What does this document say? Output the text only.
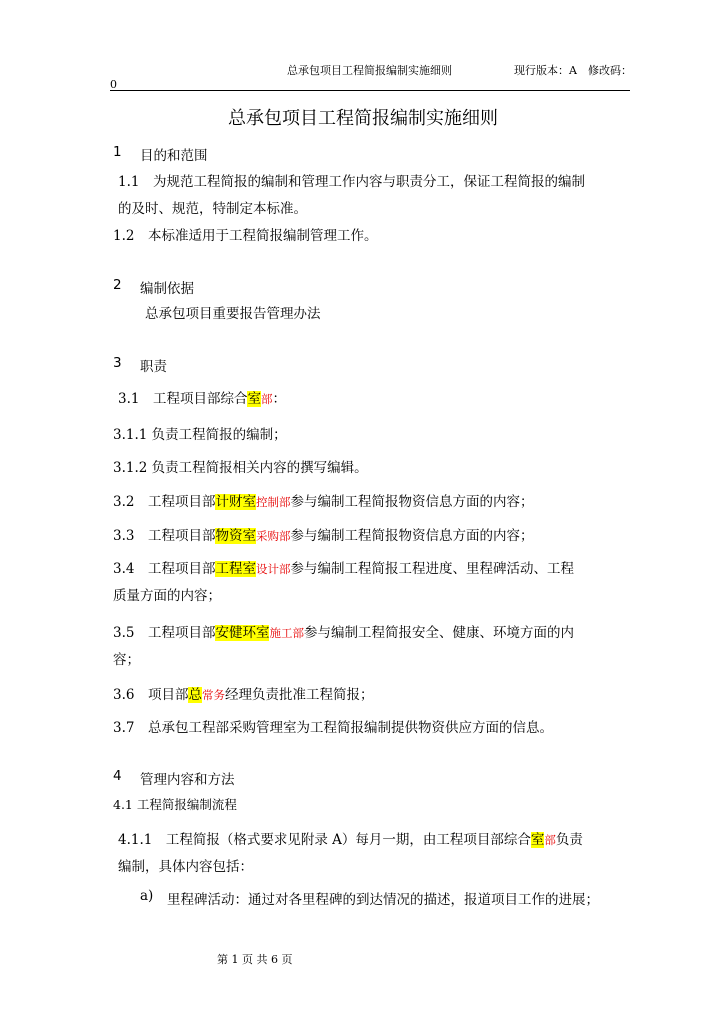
总承包项目工程简报编制实施细则	现行版本：A　修改码：
0
总承包项目工程简报编制实施细则
1 目的和范围
1.1　为规范工程简报的编制和管理工作内容与职责分工，保证工程简报的编制
的及时、规范，特制定本标准。
1.2　本标准适用于工程简报编制管理工作。
2 编制依据
总承包项目重要报告管理办法
3 职责
3.1　工程项目部综合室部：
3.1.1 负责工程简报的编制；
3.1.2 负责工程简报相关内容的撰写编辑。
3.2　工程项目部计财室控制部参与编制工程简报物资信息方面的内容；
3.3　工程项目部物资室采购部参与编制工程简报物资信息方面的内容；
3.4　工程项目部工程室设计部参与编制工程简报工程进度、里程碑活动、工程
质量方面的内容；
3.5　工程项目部安健环室施工部参与编制工程简报安全、健康、环境方面的内
容；
3.6　项目部总常务经理负责批准工程简报；
3.7　总承包工程部采购管理室为工程简报编制提供物资供应方面的信息。
4 管理内容和方法
4.1 工程简报编制流程
4.1.1　工程简报（格式要求见附录 A）每月一期，由工程项目部综合室部负责
编制，具体内容包括：
a) 里程碑活动：通过对各里程碑的到达情况的描述，报道项目工作的进展；
第 1 页 共 6 页
